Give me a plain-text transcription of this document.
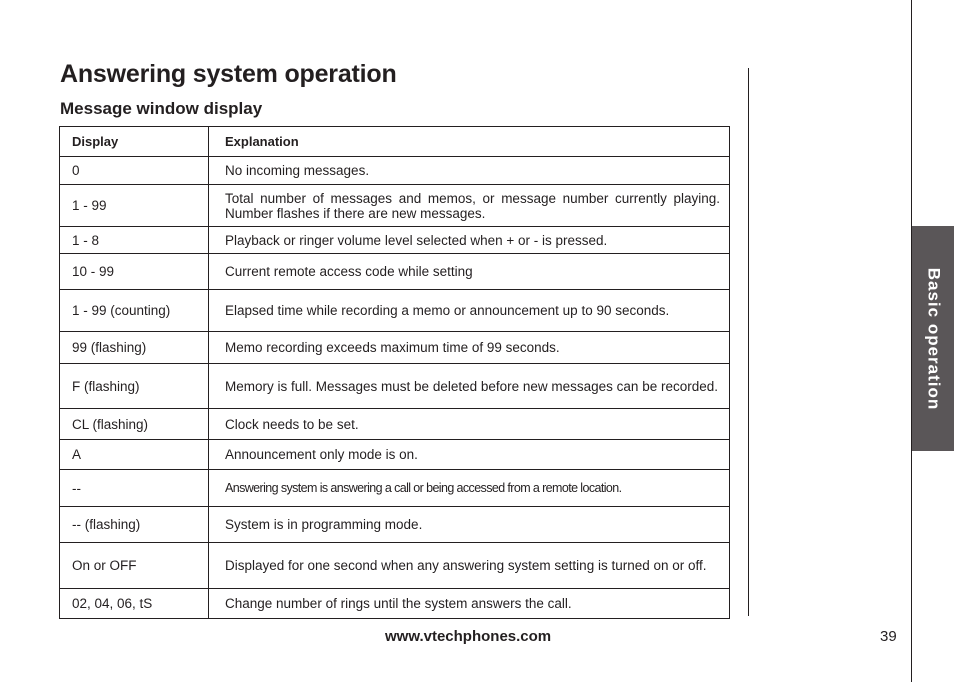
Answering system operation
Message window display
Display	Explanation
0	No incoming messages.
1 - 99	Total number of messages and memos, or message number currently playing. Number flashes if there are new messages.
1 - 8	Playback or ringer volume level selected when + or - is pressed.
10 - 99	Current remote access code while setting
1 - 99 (counting)	Elapsed time while recording a memo or announcement up to 90 seconds.
99 (flashing)	Memo recording exceeds maximum time of 99 seconds.
F (flashing)	Memory is full. Messages must be deleted before new messages can be recorded.
CL (flashing)	Clock needs to be set.
A	Announcement only mode is on.
--	Answering system is answering a call or being accessed from a remote location.
-- (flashing)	System is in programming mode.
On or OFF	Displayed for one second when any answering system setting is turned on or off.
02, 04, 06, tS	Change number of rings until the system answers the call.
Basic operation

www.vtechphones.com	39
